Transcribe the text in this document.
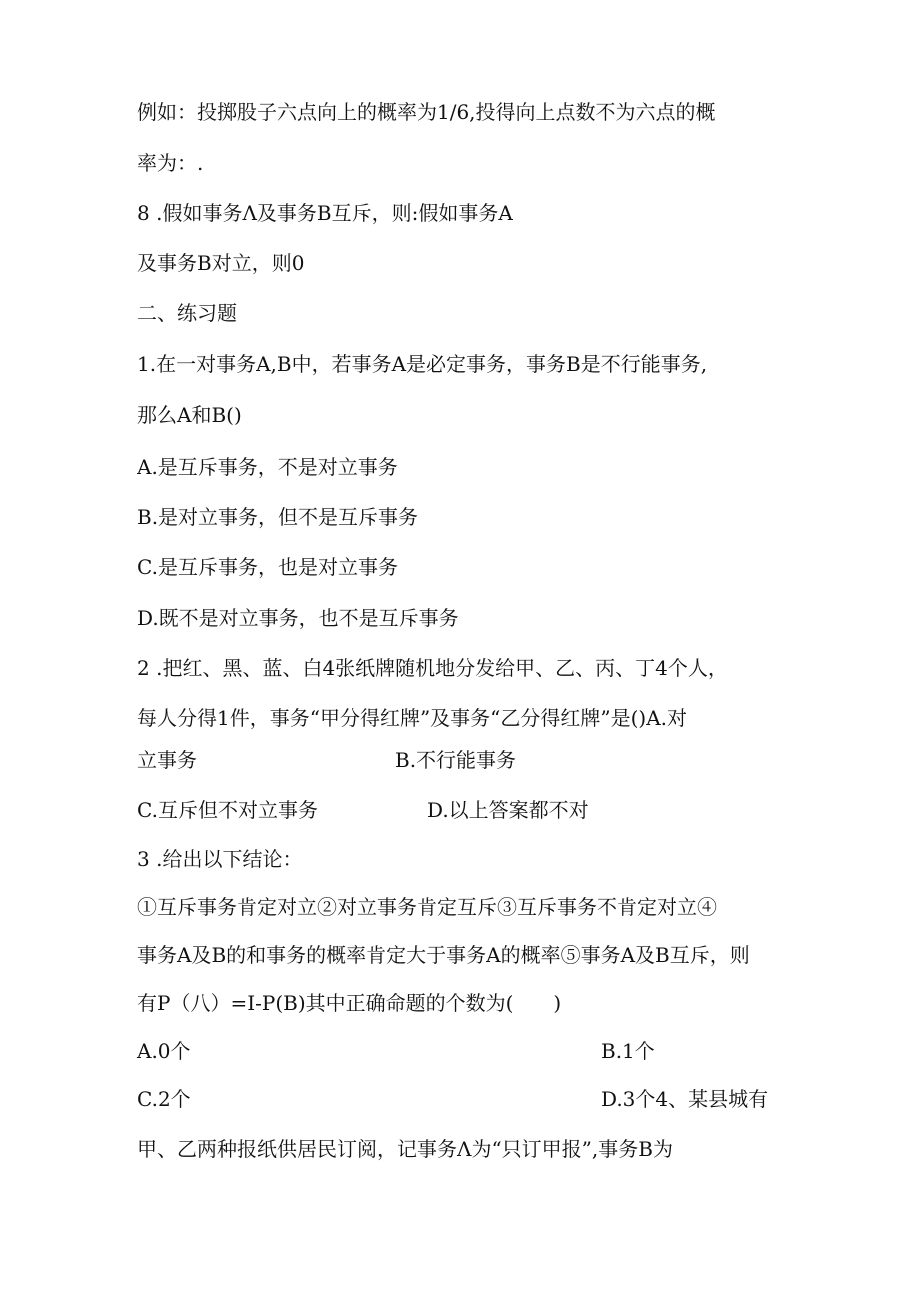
例如：投掷股子六点向上的概率为1/6,投得向上点数不为六点的概
率为：.
8 .假如事务Λ及事务B互斥，则:假如事务A
及事务B对立，则0
二、练习题
1.在一对事务A,B中，若事务A是必定事务，事务B是不行能事务,
那么A和B()
A.是互斥事务，不是对立事务
B.是对立事务，但不是互斥事务
C.是互斥事务，也是对立事务
D.既不是对立事务，也不是互斥事务
2 .把红、黑、蓝、白4张纸牌随机地分发给甲、乙、丙、丁4个人，
每人分得1件，事务“甲分得红牌”及事务“乙分得红牌”是()A.对
立事务	B.不行能事务
C.互斥但不对立事务	D.以上答案都不对
3 .给出以下结论：
①互斥事务肯定对立②对立事务肯定互斥③互斥事务不肯定对立④
事务A及B的和事务的概率肯定大于事务A的概率⑤事务A及B互斥，则
有P（八）=I-P(B)其中正确命题的个数为(　　)
A.0个	B.1个
C.2个	D.3个4、某县城有
甲、乙两种报纸供居民订阅，记事务Λ为“只订甲报”,事务B为
